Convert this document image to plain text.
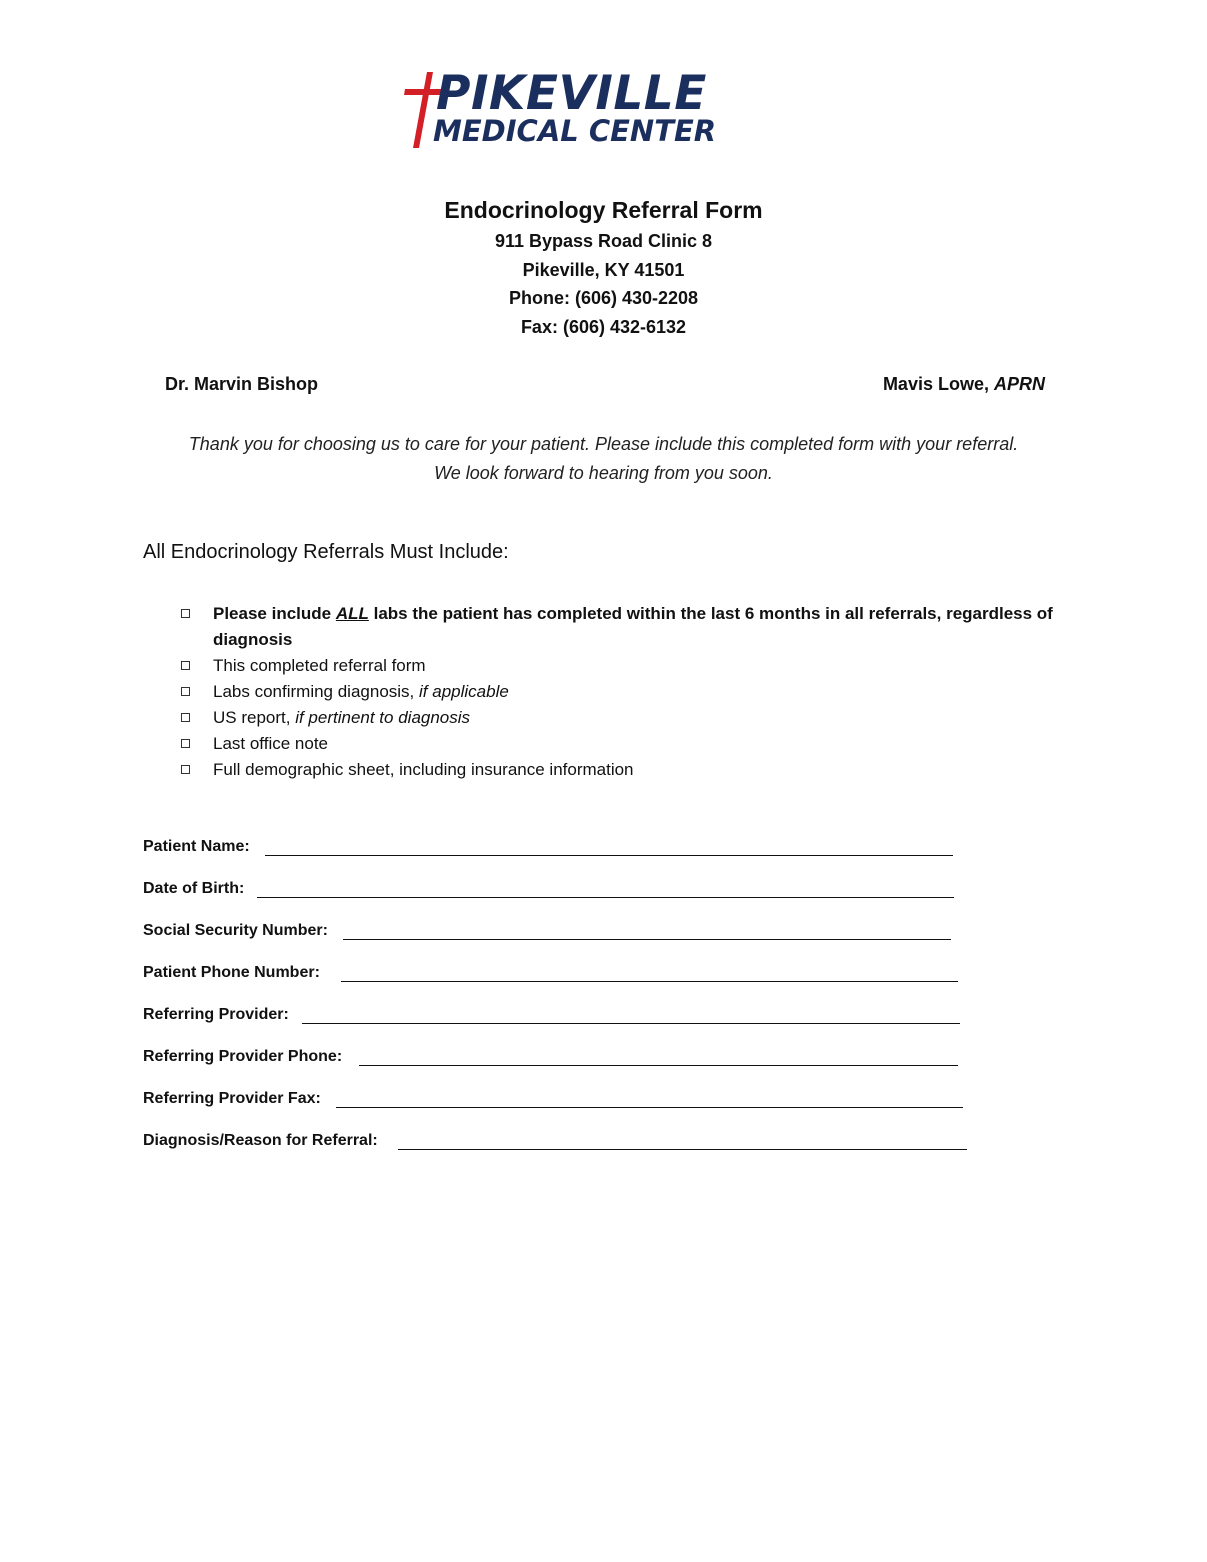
PIKEVILLE
MEDICAL CENTER
Endocrinology Referral Form
911 Bypass Road Clinic 8
Pikeville, KY 41501
Phone: (606) 430-2208
Fax: (606) 432-6132
Dr. Marvin Bishop	Mavis Lowe, APRN
Thank you for choosing us to care for your patient. Please include this completed form with your referral.
We look forward to hearing from you soon.
All Endocrinology Referrals Must Include:
Please include ALL labs the patient has completed within the last 6 months in all referrals, regardless of diagnosis
This completed referral form
Labs confirming diagnosis, if applicable
US report, if pertinent to diagnosis
Last office note
Full demographic sheet, including insurance information
Patient Name:
Date of Birth:
Social Security Number:
Patient Phone Number:
Referring Provider:
Referring Provider Phone:
Referring Provider Fax:
Diagnosis/Reason for Referral:
